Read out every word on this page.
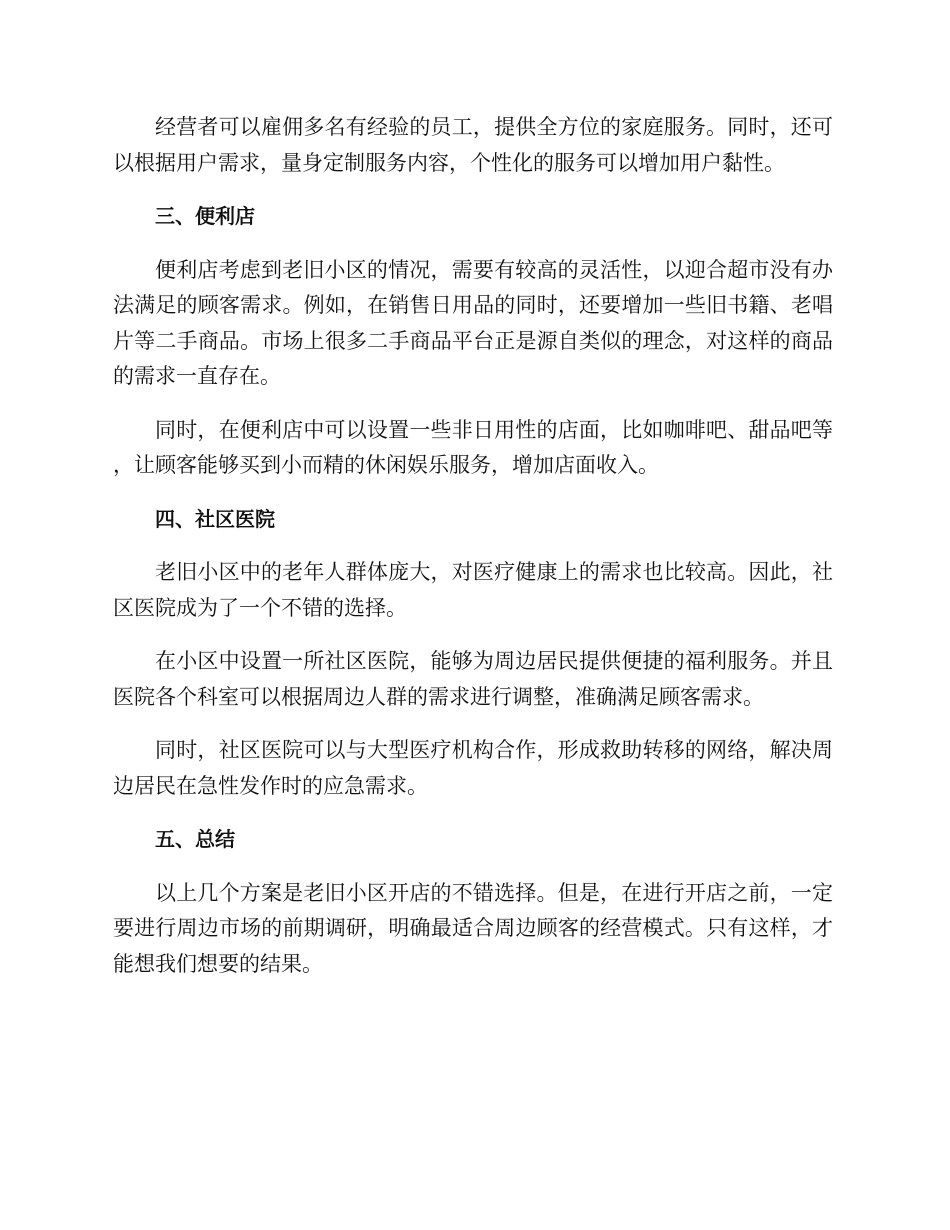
经营者可以雇佣多名有经验的员工，提供全方位的家庭服务。同时，还可以根据用户需求，量身定制服务内容，个性化的服务可以增加用户黏性。

三、便利店

便利店考虑到老旧小区的情况，需要有较高的灵活性，以迎合超市没有办法满足的顾客需求。例如，在销售日用品的同时，还要增加一些旧书籍、老唱片等二手商品。市场上很多二手商品平台正是源自类似的理念，对这样的商品的需求一直存在。

同时，在便利店中可以设置一些非日用性的店面，比如咖啡吧、甜品吧等，让顾客能够买到小而精的休闲娱乐服务，增加店面收入。

四、社区医院

老旧小区中的老年人群体庞大，对医疗健康上的需求也比较高。因此，社区医院成为了一个不错的选择。

在小区中设置一所社区医院，能够为周边居民提供便捷的福利服务。并且医院各个科室可以根据周边人群的需求进行调整，准确满足顾客需求。

同时，社区医院可以与大型医疗机构合作，形成救助转移的网络，解决周边居民在急性发作时的应急需求。

五、总结

以上几个方案是老旧小区开店的不错选择。但是，在进行开店之前，一定要进行周边市场的前期调研，明确最适合周边顾客的经营模式。只有这样，才能想我们想要的结果。
